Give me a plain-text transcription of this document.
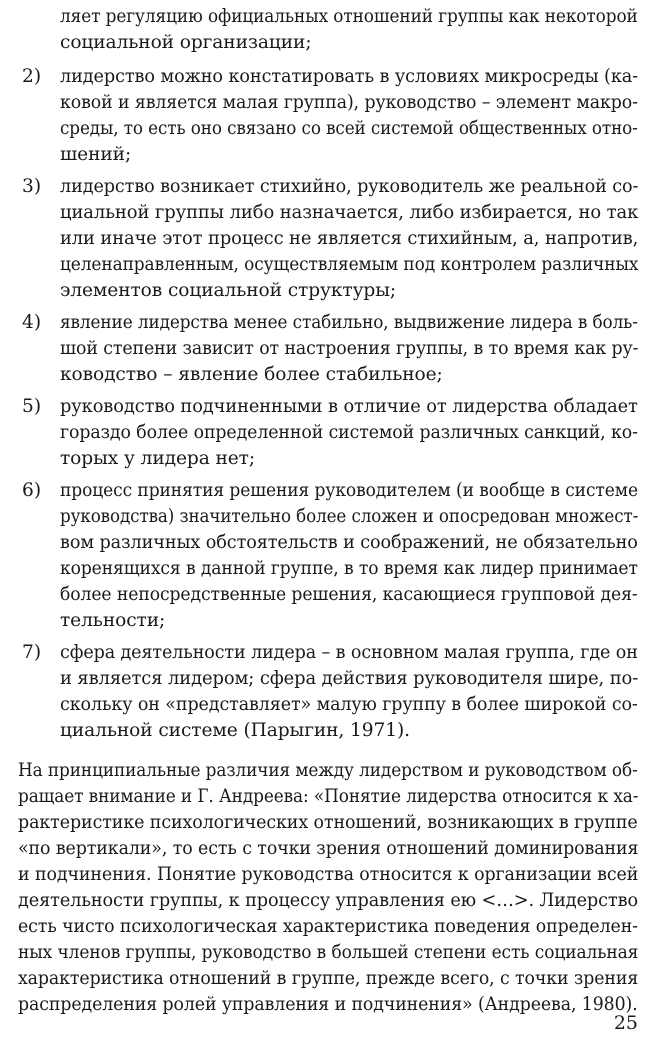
ляет регуляцию официальных отношений группы как некоторой
социальной организации;
2) лидерство можно констатировать в условиях микросреды (ка-
ковой и является малая группа), руководство – элемент макро-
среды, то есть оно связано со всей системой общественных отно-
шений;
3) лидерство возникает стихийно, руководитель же реальной со-
циальной группы либо назначается, либо избирается, но так
или иначе этот процесс не является стихийным, а, напротив,
целенаправленным, осуществляемым под контролем различных
элементов социальной структуры;
4) явление лидерства менее стабильно, выдвижение лидера в боль-
шой степени зависит от настроения группы, в то время как ру-
ководство – явление более стабильное;
5) руководство подчиненными в отличие от лидерства обладает
гораздо более определенной системой различных санкций, ко-
торых у лидера нет;
6) процесс принятия решения руководителем (и вообще в системе
руководства) значительно более сложен и опосредован множест-
вом различных обстоятельств и соображений, не обязательно
коренящихся в данной группе, в то время как лидер принимает
более непосредственные решения, касающиеся групповой дея-
тельности;
7) сфера деятельности лидера – в основном малая группа, где он
и является лидером; сфера действия руководителя шире, по-
скольку он «представляет» малую группу в более широкой со-
циальной системе (Парыгин, 1971).
На принципиальные различия между лидерством и руководством об-
ращает внимание и Г. Андреева: «Понятие лидерства относится к ха-
рактеристике психологических отношений, возникающих в группе
«по вертикали», то есть с точки зрения отношений доминирования
и подчинения. Понятие руководства относится к организации всей
деятельности группы, к процессу управления ею <…>. Лидерство
есть чисто психологическая характеристика поведения определен-
ных членов группы, руководство в большей степени есть социальная
характеристика отношений в группе, прежде всего, с точки зрения
распределения ролей управления и подчинения» (Андреева, 1980).
25
